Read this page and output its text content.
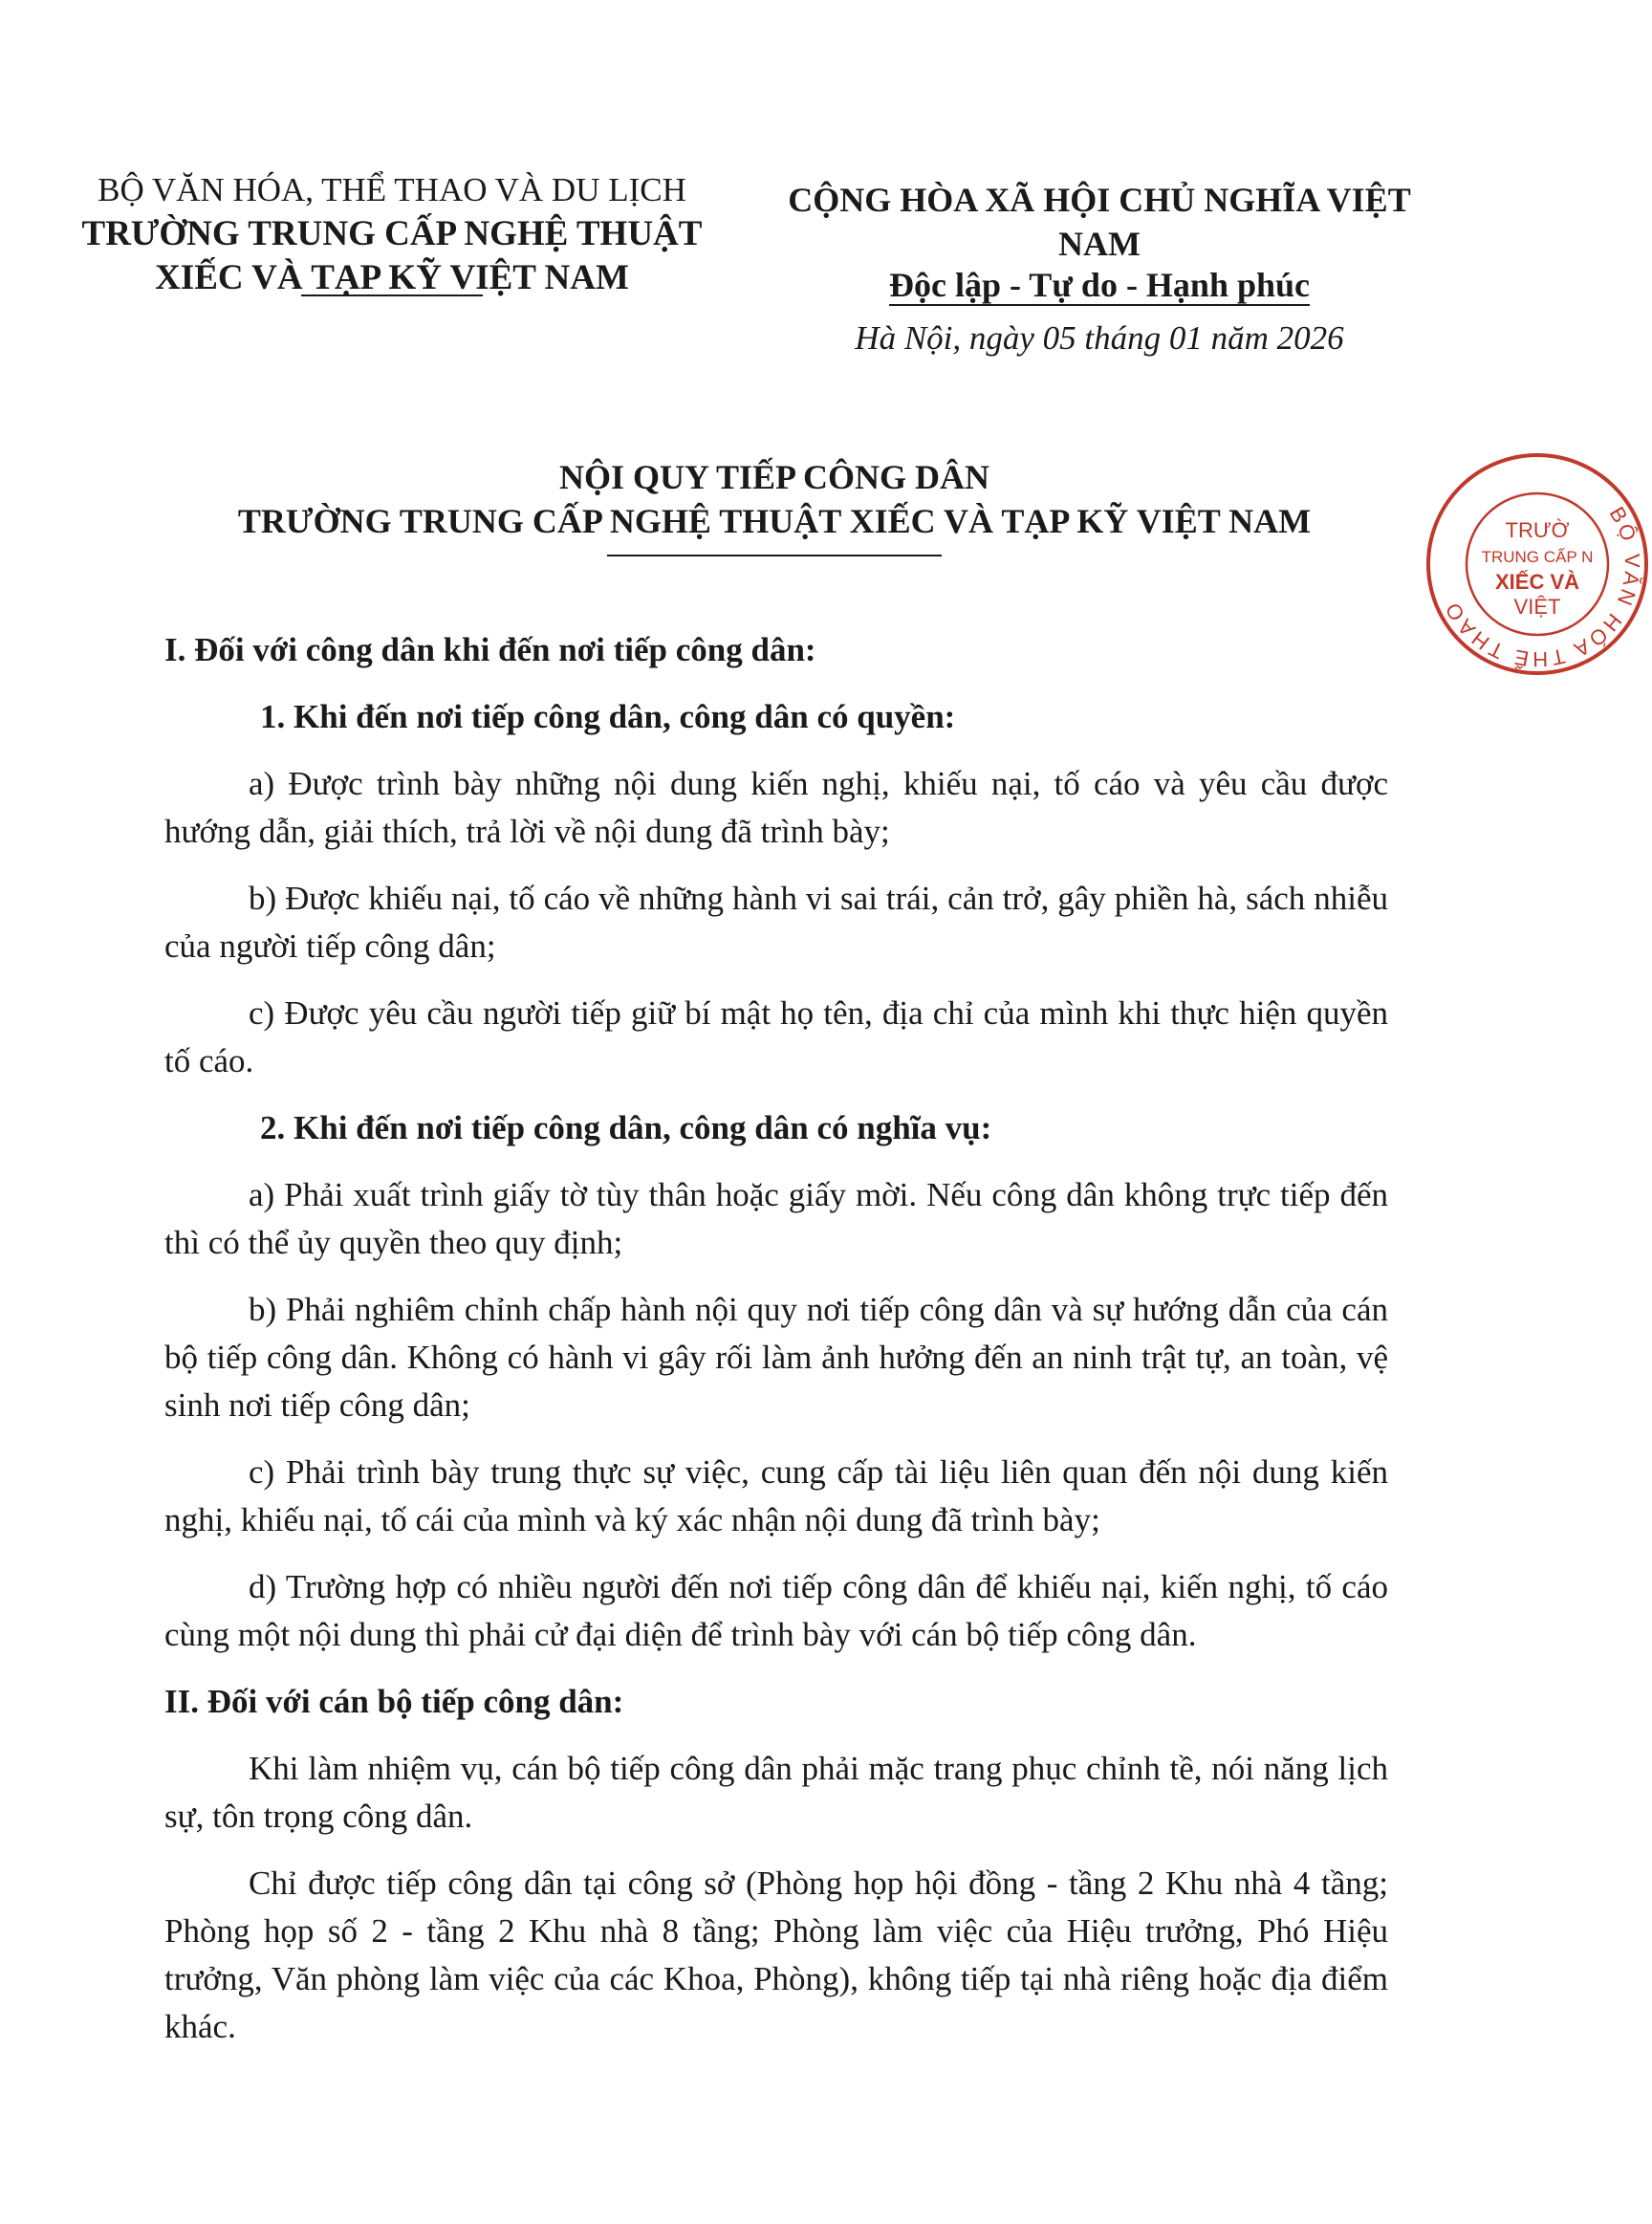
BỘ VĂN HÓA, THỂ THAO VÀ DU LỊCH
TRƯỜNG TRUNG CẤP NGHỆ THUẬT
XIẾC VÀ TẠP KỸ VIỆT NAM
CỘNG HÒA XÃ HỘI CHỦ NGHĨA VIỆT NAM
Độc lập - Tự do - Hạnh phúc
Hà Nội, ngày 05 tháng 01 năm 2026
NỘI QUY TIẾP CÔNG DÂN
TRƯỜNG TRUNG CẤP NGHỆ THUẬT XIẾC VÀ TẠP KỸ VIỆT NAM	BỘ VĂN HÓA THỂ THAO
TRƯỜ
TRUNG CẤP N
XIẾC VÀ
VIỆT

I. Đối với công dân khi đến nơi tiếp công dân:

1. Khi đến nơi tiếp công dân, công dân có quyền:

a) Được trình bày những nội dung kiến nghị, khiếu nại, tố cáo và yêu cầu được hướng dẫn, giải thích, trả lời về nội dung đã trình bày;

b) Được khiếu nại, tố cáo về những hành vi sai trái, cản trở, gây phiền hà, sách nhiễu của người tiếp công dân;

c) Được yêu cầu người tiếp giữ bí mật họ tên, địa chỉ của mình khi thực hiện quyền tố cáo.

2. Khi đến nơi tiếp công dân, công dân có nghĩa vụ:

a) Phải xuất trình giấy tờ tùy thân hoặc giấy mời. Nếu công dân không trực tiếp đến thì có thể ủy quyền theo quy định;

b) Phải nghiêm chỉnh chấp hành nội quy nơi tiếp công dân và sự hướng dẫn của cán bộ tiếp công dân. Không có hành vi gây rối làm ảnh hưởng đến an ninh trật tự, an toàn, vệ sinh nơi tiếp công dân;

c) Phải trình bày trung thực sự việc, cung cấp tài liệu liên quan đến nội dung kiến nghị, khiếu nại, tố cái của mình và ký xác nhận nội dung đã trình bày;

d) Trường hợp có nhiều người đến nơi tiếp công dân để khiếu nại, kiến nghị, tố cáo cùng một nội dung thì phải cử đại diện để trình bày với cán bộ tiếp công dân.

II. Đối với cán bộ tiếp công dân:

Khi làm nhiệm vụ, cán bộ tiếp công dân phải mặc trang phục chỉnh tề, nói năng lịch sự, tôn trọng công dân.

Chỉ được tiếp công dân tại công sở (Phòng họp hội đồng - tầng 2 Khu nhà 4 tầng; Phòng họp số 2 - tầng 2 Khu nhà 8 tầng; Phòng làm việc của Hiệu trưởng, Phó Hiệu trưởng, Văn phòng làm việc của các Khoa, Phòng), không tiếp tại nhà riêng hoặc địa điểm khác.
